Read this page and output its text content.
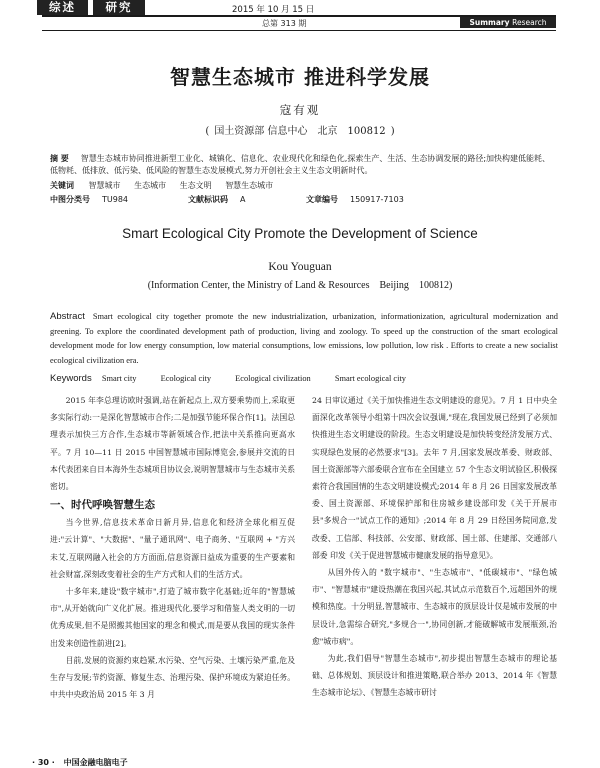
综述	研究	2015 年 10 月 15 日
总第 313 期	Summary Research
智慧生态城市 推进科学发展
寇有观
( 国土资源部 信息中心 北京 100812 )
摘 要 智慧生态城市协同推进新型工业化、城镇化、信息化、农业现代化和绿色化,探索生产、生活、生态协调发展的路径;加快构建低能耗、低物耗、低排放、低污染、低风险的智慧生态发展模式,努力开创社会主义生态文明新时代。
关键词 智慧城市 生态城市 生态文明 智慧生态城市
中图分类号 TU984	文献标识码 A	文章编号 150917-7103
Smart Ecological City Promote the Development of Science
Kou Youguan
(Information Center, the Ministry of Land & Resources Beijing 100812)
Abstract Smart ecological city together promote the new industrialization, urbanization, informationization, agricultural modernization and greening. To explore the coordinated development path of production, living and zoology. To speed up the construction of the smart ecological development mode for low energy consumption, low material consumptions, low emissions, low pollution, low risk . Efforts to create a new socialist ecological civilization era.
Keywords Smart city	Ecological city	Ecological civilization	Smart ecological city

2015 年李总理访欧时强调,站在新起点上,双方要乘势而上,采取更多实际行动:一是深化智慧城市合作;二是加强节能环保合作[1]。法国总理表示加快三方合作,生态城市等新领域合作,把法中关系推向更高水平。7 月 10—11 日 2015 中国智慧城市国际博览会,参展并交流的日本代表团来自日本海外生态城项目协议会,说明智慧城市与生态城市关系密切。

一、时代呼唤智慧生态

当今世界,信息技术革命日新月异,信息化和经济全球化相互促进:"云计算"、"大数据"、"量子通讯网"、电子商务、"互联网 + "方兴未艾,互联网融入社会的方方面面,信息资源日益成为重要的生产要素和社会财富,深刻改变着社会的生产方式和人们的生活方式。

十多年来,建设"数字城市",打造了城市数字化基础;近年的"智慧城市",从开始就向广义化扩展。推进现代化,要学习和借鉴人类文明的一切优秀成果,但不是照搬其他国家的理念和模式,而是要从我国的现实条件出发来创造性前进[2]。

目前,发展的资源约束趋紧,水污染、空气污染、土壤污染严重,危及生存与发展;节约资源、修复生态、治理污染、保护环境成为紧迫任务。中共中央政治局 2015 年 3 月

24 日审议通过《关于加快推进生态文明建设的意见》。7 月 1 日中央全面深化改革领导小组第十四次会议强调,"现在,我国发展已经到了必须加快推进生态文明建设的阶段。生态文明建设是加快转变经济发展方式、实现绿色发展的必然要求"[3]。去年 7 月,国家发展改革委、财政部、国土资源部等六部委联合宣布在全国建立 57 个生态文明试验区,积极探索符合我国国情的生态文明建设模式;2014 年 8 月 26 日国家发展改革委、国土资源部、环境保护部和住房城乡建设部印发《关于开展市县"多规合一"试点工作的通知》;2014 年 8 月 29 日经国务院同意,发改委、工信部、科技部、公安部、财政部、国土部、住建部、交通部八部委 印发《关于促进智慧城市健康发展的指导意见》。

从国外传入的 "数字城市"、"生态城市"、"低碳城市"、"绿色城市"、"智慧城市"建设热潮在我国兴起,其试点示范数百个,远超国外的规模和热度。十分明显,智慧城市、生态城市的顶层设计仅是城市发展的中层设计,急需综合研究,"多规合一",协同创新,才能破解城市发展瓶颈,治愈"城市病"。

为此,我们倡导"智慧生态城市",初步提出智慧生态城市的理论基础、总体规划、顶层设计和推进策略,联合举办 2013、2014 年《智慧生态城市论坛》、《智慧生态城市研讨

· 30 · 中国金融电脑电子
